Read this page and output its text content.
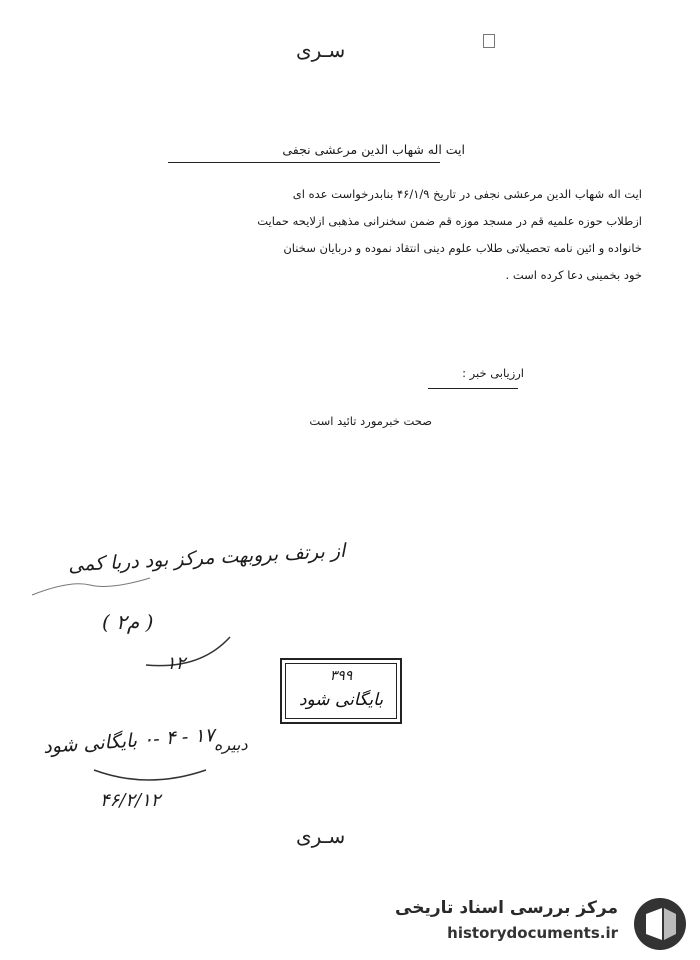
سـری
ایت اله شهاب الدین مرعشی نجفی
ایت اله شهاب الدین مرعشی نجفی در تاریخ ۴۶/۱/۹ بنابدرخواست عده ای
ازطلاب حوزه علمیه قم در مسجد موزه قم ضمن سخنرانی مذهبی ازلایحه حمایت
خانواده و ائین نامه تحصیلاتی طلاب علوم دینی انتقاد نموده و دربایان سخنان
خود بخمینی دعا کرده است .
ارزیابی خبر :
صحت خبرمورد تائید است
از برتف بروبهت مرکز بود دربا کمی
( ۲م )
۱۲
۳۹۹
بایگانی شود
دبیره
۱۷ - ۴ -۰ بایگانی شود
۴۶/۲/۱۲
سـری
مرکز بررسی اسناد تاریخی
historydocuments.ir
